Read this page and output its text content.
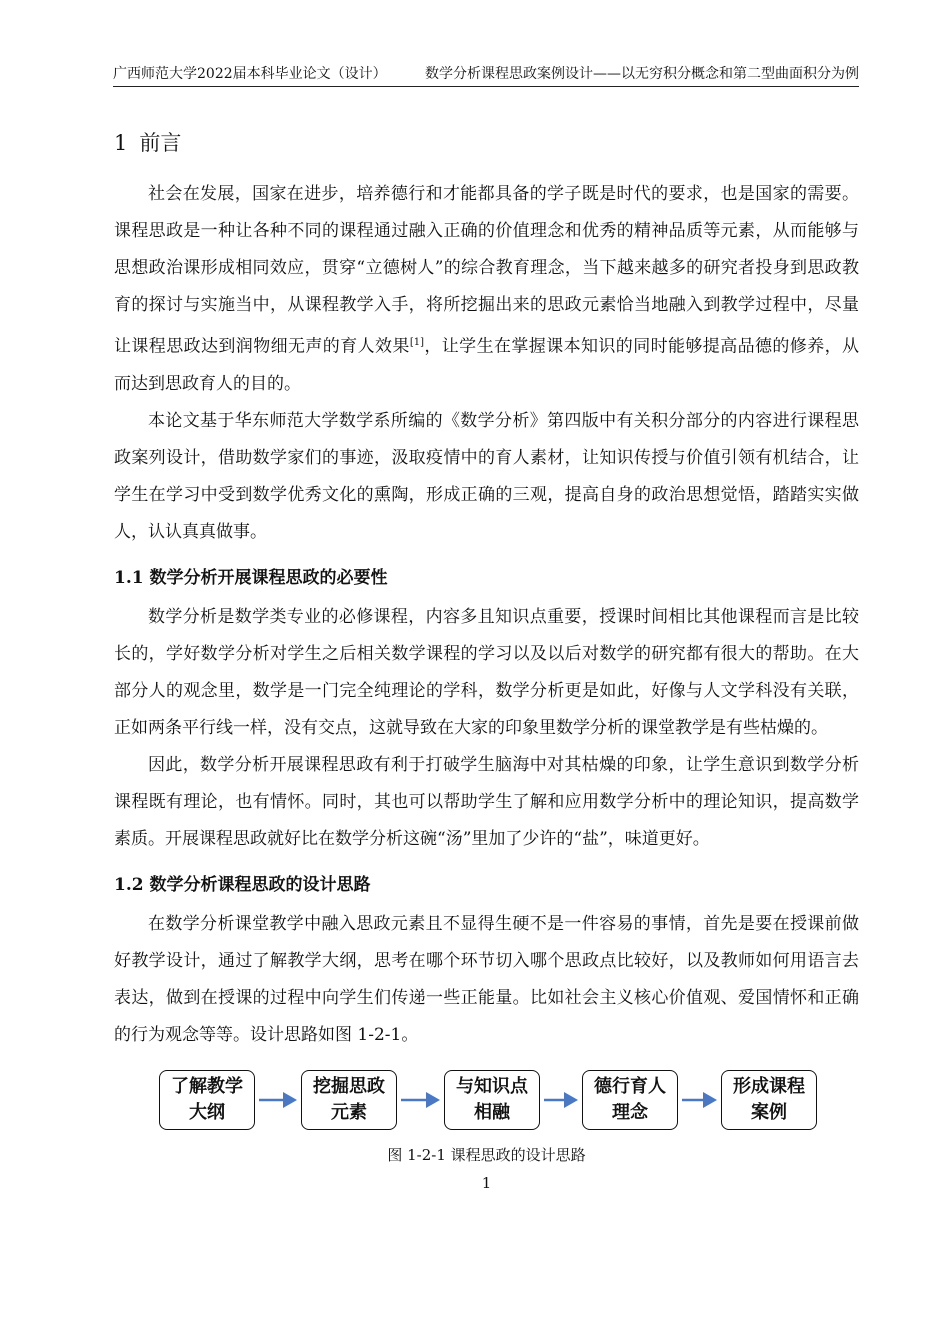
广西师范大学2022届本科毕业论文（设计）	数学分析课程思政案例设计——以无穷积分概念和第二型曲面积分为例
1 前言

社会在发展，国家在进步，培养德行和才能都具备的学子既是时代的要求，也是国家的需要。课程思政是一种让各种不同的课程通过融入正确的价值理念和优秀的精神品质等元素，从而能够与思想政治课形成相同效应，贯穿“立德树人”的综合教育理念，当下越来越多的研究者投身到思政教育的探讨与实施当中，从课程教学入手，将所挖掘出来的思政元素恰当地融入到教学过程中，尽量让课程思政达到润物细无声的育人效果[1]，让学生在掌握课本知识的同时能够提高品德的修养，从而达到思政育人的目的。

本论文基于华东师范大学数学系所编的《数学分析》第四版中有关积分部分的内容进行课程思政案列设计，借助数学家们的事迹，汲取疫情中的育人素材，让知识传授与价值引领有机结合，让学生在学习中受到数学优秀文化的熏陶，形成正确的三观，提高自身的政治思想觉悟，踏踏实实做人，认认真真做事。

1.1 数学分析开展课程思政的必要性

数学分析是数学类专业的必修课程，内容多且知识点重要，授课时间相比其他课程而言是比较长的，学好数学分析对学生之后相关数学课程的学习以及以后对数学的研究都有很大的帮助。在大部分人的观念里，数学是一门完全纯理论的学科，数学分析更是如此，好像与人文学科没有关联，正如两条平行线一样，没有交点，这就导致在大家的印象里数学分析的课堂教学是有些枯燥的。

因此，数学分析开展课程思政有利于打破学生脑海中对其枯燥的印象，让学生意识到数学分析课程既有理论，也有情怀。同时，其也可以帮助学生了解和应用数学分析中的理论知识，提高数学素质。开展课程思政就好比在数学分析这碗“汤”里加了少许的“盐”，味道更好。

1.2 数学分析课程思政的设计思路

在数学分析课堂教学中融入思政元素且不显得生硬不是一件容易的事情，首先是要在授课前做好教学设计，通过了解教学大纲，思考在哪个环节切入哪个思政点比较好，以及教师如何用语言去表达，做到在授课的过程中向学生们传递一些正能量。比如社会主义核心价值观、爱国情怀和正确的行为观念等等。设计思路如图 1-2-1。

了解教学大纲
挖掘思政元素
与知识点相融
德行育人理念
形成课程案例
图 1-2-1 课程思政的设计思路
1
